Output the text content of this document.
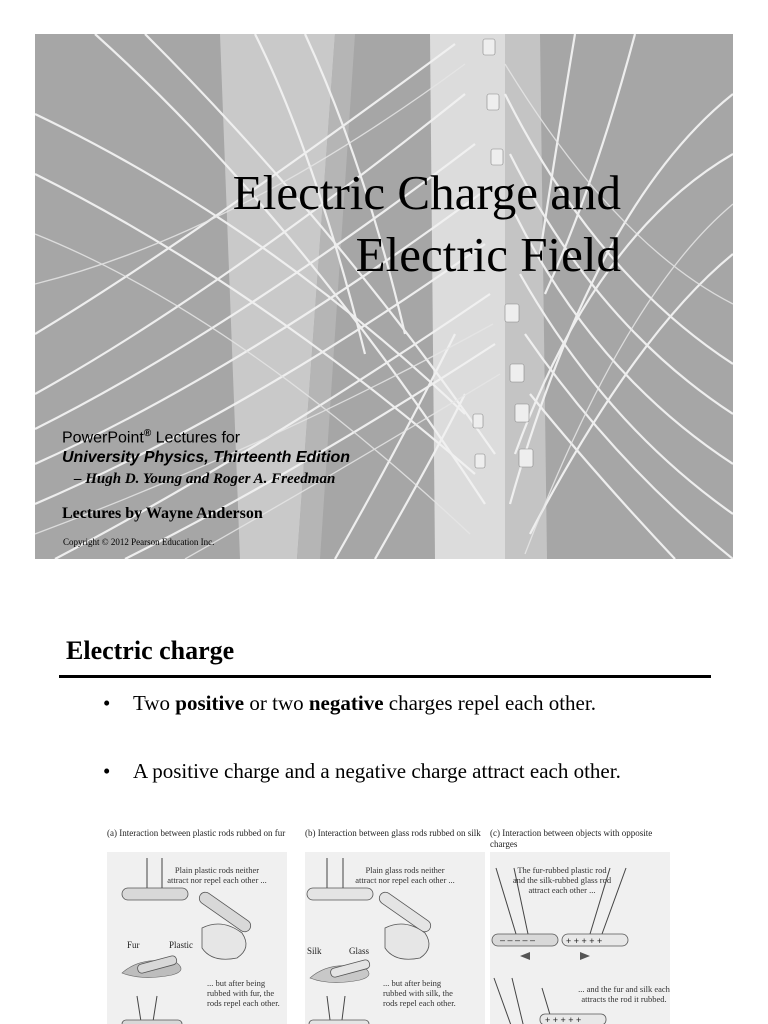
Electric Charge and
Electric Field
PowerPoint® Lectures for
University Physics, Thirteenth Edition
– Hugh D. Young and Roger A. Freedman
Lectures by Wayne Anderson
Copyright © 2012 Pearson Education Inc.
Electric charge
• Two positive or two negative charges repel each other.
• A positive charge and a negative charge attract each other.
(a) Interaction between plastic rods rubbed on fur
Plain plastic rods neither attract nor repel each other ...
Fur	Plastic
... but after being rubbed with fur, the rods repel each other.
(b) Interaction between glass rods rubbed on silk
Plain glass rods neither attract nor repel each other ...
Silk	Glass
... but after being rubbed with silk, the rods repel each other.
(c) Interaction between objects with opposite charges
– – – – –	+ + + + +
+ + + + +
The fur-rubbed plastic rod and the silk-rubbed glass rod attract each other ...
... and the fur and silk each attracts the rod it rubbed.
